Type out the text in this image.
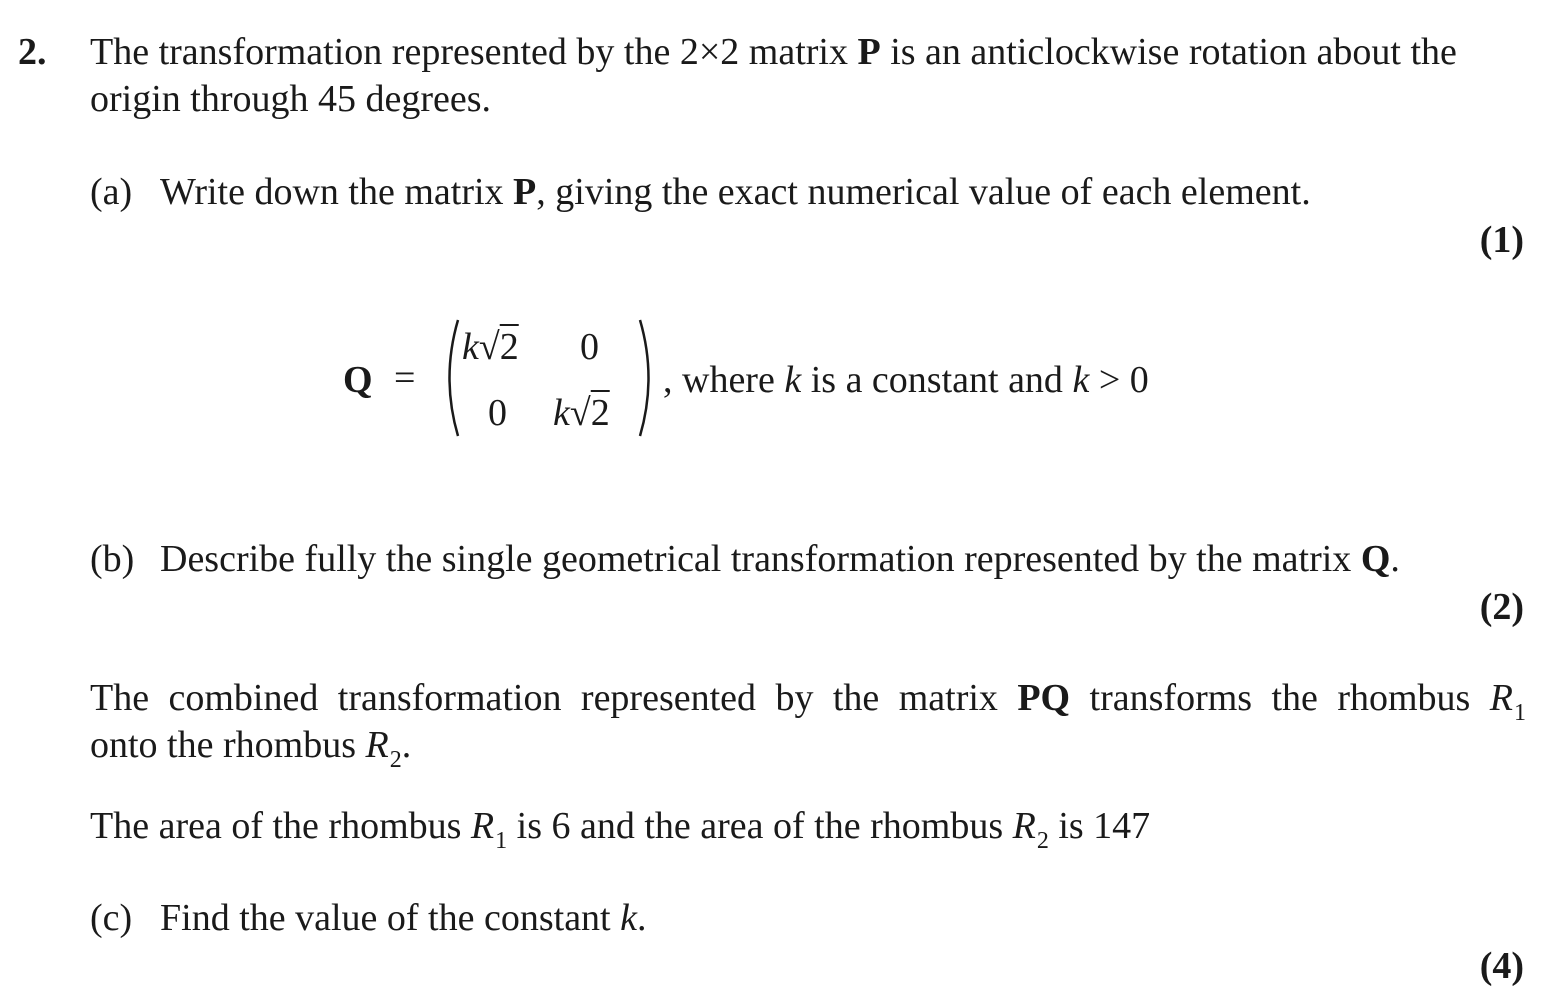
2. The transformation represented by the 2×2 matrix P is an anticlockwise rotation about the
origin through 45 degrees.
(a) Write down the matrix P, giving the exact numerical value of each element.
(1)
Q =
k√2 0
0 k√2
, where k is a constant and k > 0
(b) Describe fully the single geometrical transformation represented by the matrix Q.
(2)
The combined transformation represented by the matrix PQ transforms the rhombus $R_1$
onto the rhombus $R_2$.
The area of the rhombus $R_1$ is 6 and the area of the rhombus $R_2$ is 147
(c) Find the value of the constant k.
(4)
